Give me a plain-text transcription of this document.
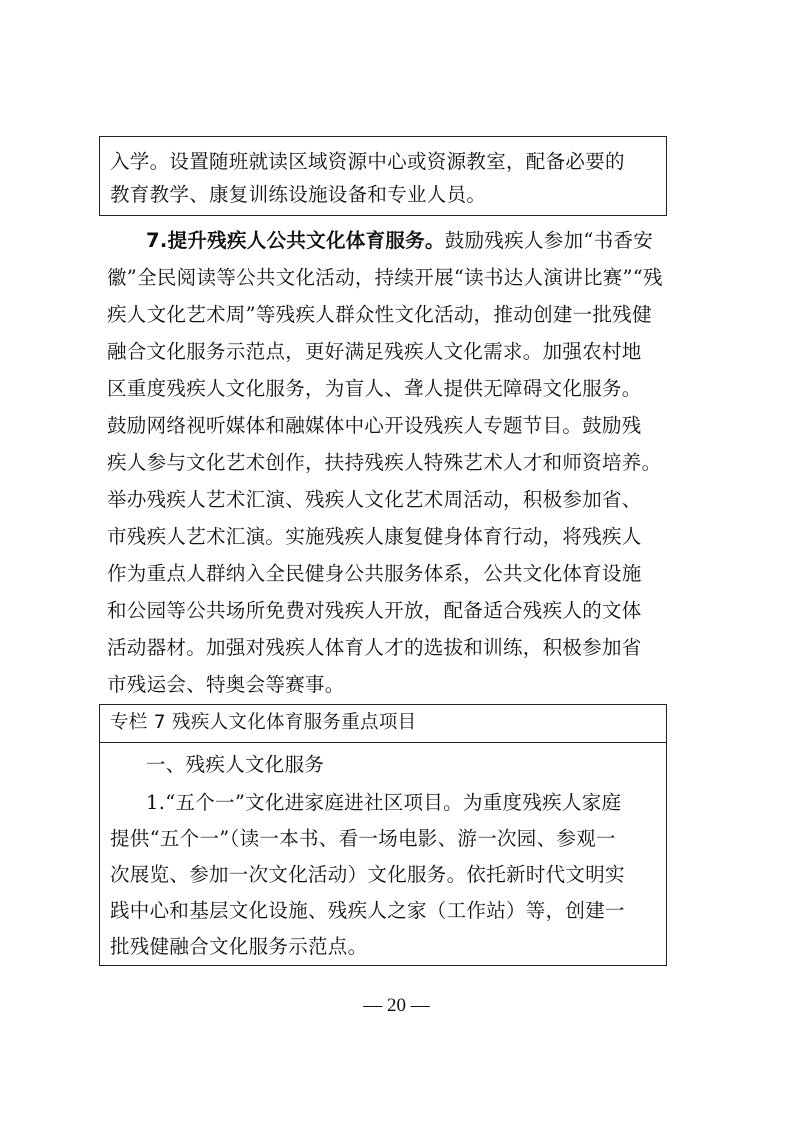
入学。设置随班就读区域资源中心或资源教室，配备必要的
教育教学、康复训练设施设备和专业人员。
7.提升残疾人公共文化体育服务。鼓励残疾人参加“书香安
徽”全民阅读等公共文化活动，持续开展“读书达人演讲比赛”“残
疾人文化艺术周”等残疾人群众性文化活动，推动创建一批残健
融合文化服务示范点，更好满足残疾人文化需求。加强农村地
区重度残疾人文化服务，为盲人、聋人提供无障碍文化服务。
鼓励网络视听媒体和融媒体中心开设残疾人专题节目。鼓励残
疾人参与文化艺术创作，扶持残疾人特殊艺术人才和师资培养。
举办残疾人艺术汇演、残疾人文化艺术周活动，积极参加省、
市残疾人艺术汇演。实施残疾人康复健身体育行动，将残疾人
作为重点人群纳入全民健身公共服务体系，公共文化体育设施
和公园等公共场所免费对残疾人开放，配备适合残疾人的文体
活动器材。加强对残疾人体育人才的选拔和训练，积极参加省
市残运会、特奥会等赛事。
专栏 7 残疾人文化体育服务重点项目
一、残疾人文化服务
1.“五个一”文化进家庭进社区项目。为重度残疾人家庭
提供“五个一”（读一本书、看一场电影、游一次园、参观一
次展览、参加一次文化活动）文化服务。依托新时代文明实
践中心和基层文化设施、残疾人之家（工作站）等，创建一
批残健融合文化服务示范点。
— 20 —
